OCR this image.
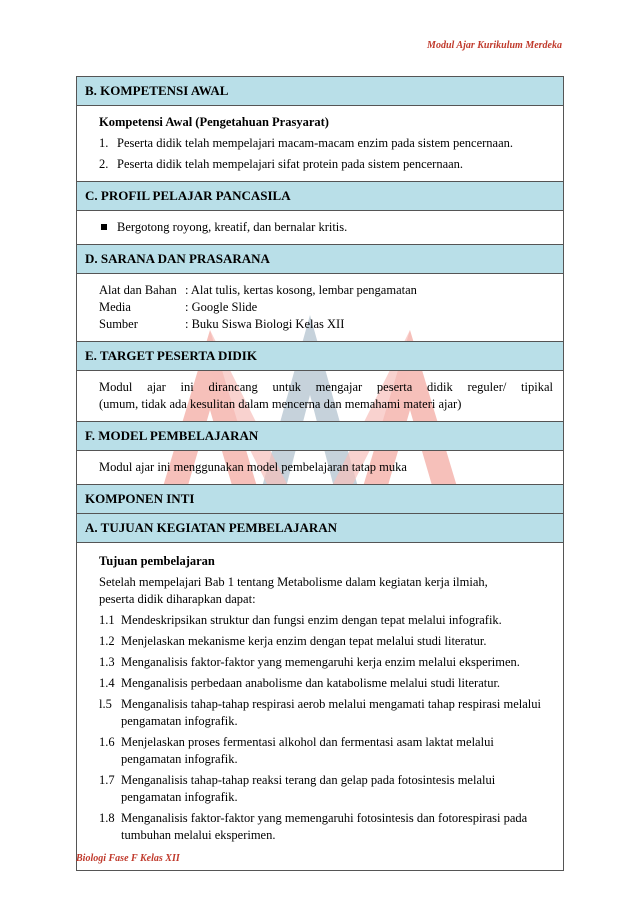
Modul Ajar Kurikulum Merdeka
B. KOMPETENSI AWAL
Kompetensi Awal (Pengetahuan Prasyarat)
1. Peserta didik telah mempelajari macam-macam enzim pada sistem pencernaan.
2. Peserta didik telah mempelajari sifat protein pada sistem pencernaan.
C. PROFIL PELAJAR PANCASILA
Bergotong royong, kreatif, dan bernalar kritis.
D. SARANA DAN PRASARANA
Alat dan Bahan : Alat tulis, kertas kosong, lembar pengamatan
Media	: Google Slide
Sumber	: Buku Siswa Biologi Kelas XII
E. TARGET PESERTA DIDIK
Modul ajar ini dirancang untuk mengajar peserta didik reguler/ tipikal
(umum, tidak ada kesulitan dalam mencerna dan memahami materi ajar)
F. MODEL PEMBELAJARAN
Modul ajar ini menggunakan model pembelajaran tatap muka
KOMPONEN INTI
A. TUJUAN KEGIATAN PEMBELAJARAN
Tujuan pembelajaran
Setelah mempelajari Bab 1 tentang Metabolisme dalam kegiatan kerja ilmiah,
peserta didik diharapkan dapat:
1.1 Mendeskripsikan struktur dan fungsi enzim dengan tepat melalui infografik.
1.2 Menjelaskan mekanisme kerja enzim dengan tepat melalui studi literatur.
1.3 Menganalisis faktor-faktor yang memengaruhi kerja enzim melalui eksperimen.
1.4 Menganalisis perbedaan anabolisme dan katabolisme melalui studi literatur.
l.5 Menganalisis tahap-tahap respirasi aerob melalui mengamati tahap respirasi melalui pengamatan infografik.
1.6 Menjelaskan proses fermentasi alkohol dan fermentasi asam laktat melalui pengamatan infografik.
1.7 Menganalisis tahap-tahap reaksi terang dan gelap pada fotosintesis melalui pengamatan infografik.
1.8 Menganalisis faktor-faktor yang memengaruhi fotosintesis dan fotorespirasi pada tumbuhan melalui eksperimen.
Biologi Fase F Kelas XII
